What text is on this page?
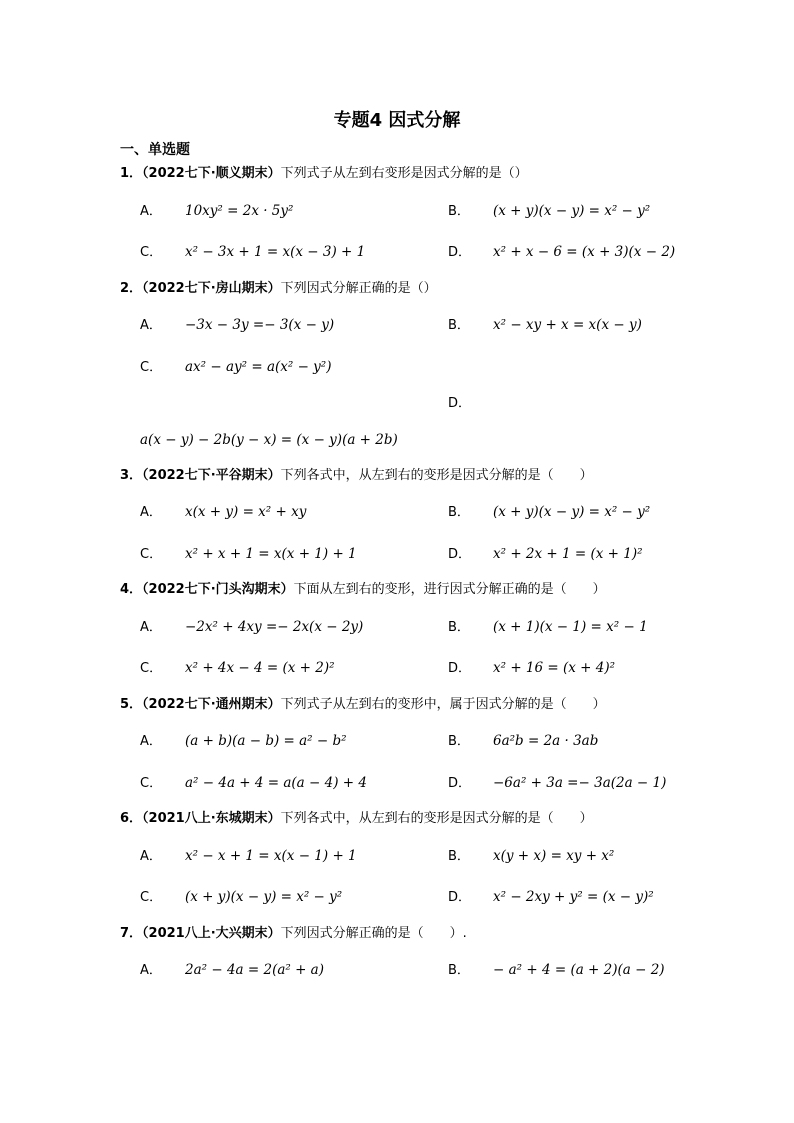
专题4 因式分解
一、单选题
1．（2022七下·顺义期末）下列式子从左到右变形是因式分解的是（）
A． 10xy² = 2x · 5y²	B． (x + y)(x − y) = x² − y²
C． x² − 3x + 1 = x(x − 3) + 1	D． x² + x − 6 = (x + 3)(x − 2)
2．（2022七下·房山期末）下列因式分解正确的是（）
A． −3x − 3y =− 3(x − y)	B． x² − xy + x = x(x − y)
C． ax² − ay² = a(x² − y²)
D．
a(x − y) − 2b(y − x) = (x − y)(a + 2b)
3．（2022七下·平谷期末）下列各式中，从左到右的变形是因式分解的是（　　）
A． x(x + y) = x² + xy	B． (x + y)(x − y) = x² − y²
C． x² + x + 1 = x(x + 1) + 1	D． x² + 2x + 1 = (x + 1)²
4．（2022七下·门头沟期末）下面从左到右的变形，进行因式分解正确的是（　　）
A． −2x² + 4xy =− 2x(x − 2y)	B． (x + 1)(x − 1) = x² − 1
C． x² + 4x − 4 = (x + 2)²	D． x² + 16 = (x + 4)²
5．（2022七下·通州期末）下列式子从左到右的变形中，属于因式分解的是（　　）
A． (a + b)(a − b) = a² − b²	B． 6a²b = 2a · 3ab
C． a² − 4a + 4 = a(a − 4) + 4	D． −6a² + 3a =− 3a(2a − 1)
6．（2021八上·东城期末）下列各式中，从左到右的变形是因式分解的是（　　）
A． x² − x + 1 = x(x − 1) + 1	B． x(y + x) = xy + x²
C． (x + y)(x − y) = x² − y²	D． x² − 2xy + y² = (x − y)²
7．（2021八上·大兴期末）下列因式分解正确的是（　　）.
A． 2a² − 4a = 2(a² + a)	B． − a² + 4 = (a + 2)(a − 2)
